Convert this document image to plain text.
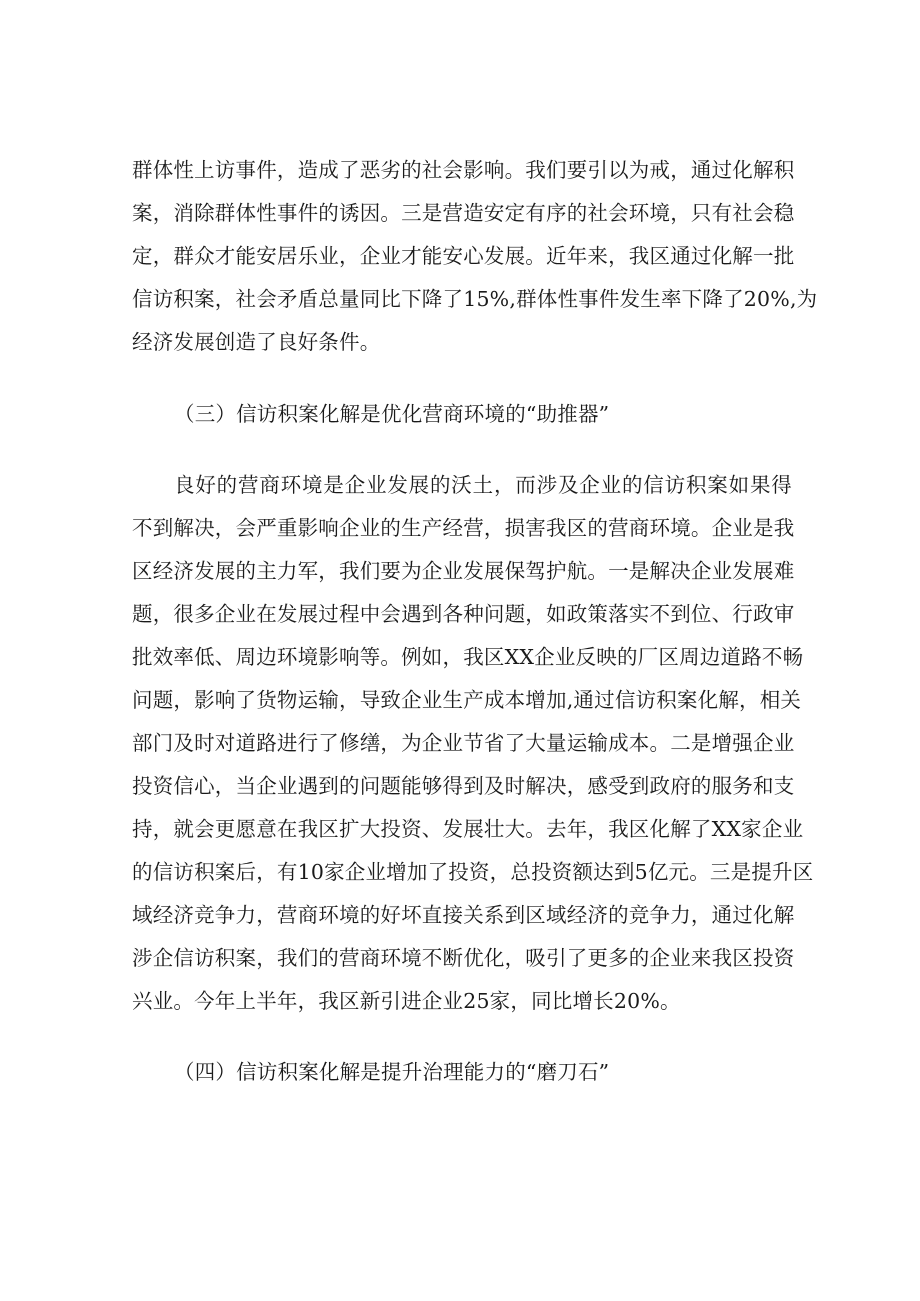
群体性上访事件，造成了恶劣的社会影响。我们要引以为戒，通过化解积
案，消除群体性事件的诱因。三是营造安定有序的社会环境，只有社会稳
定，群众才能安居乐业，企业才能安心发展。近年来，我区通过化解一批
信访积案，社会矛盾总量同比下降了15%,群体性事件发生率下降了20%,为
经济发展创造了良好条件。
（三）信访积案化解是优化营商环境的“助推器”
良好的营商环境是企业发展的沃土，而涉及企业的信访积案如果得
不到解决，会严重影响企业的生产经营，损害我区的营商环境。企业是我
区经济发展的主力军，我们要为企业发展保驾护航。一是解决企业发展难
题，很多企业在发展过程中会遇到各种问题，如政策落实不到位、行政审
批效率低、周边环境影响等。例如，我区XX企业反映的厂区周边道路不畅
问题，影响了货物运输，导致企业生产成本增加,通过信访积案化解，相关
部门及时对道路进行了修缮，为企业节省了大量运输成本。二是增强企业
投资信心，当企业遇到的问题能够得到及时解决，感受到政府的服务和支
持，就会更愿意在我区扩大投资、发展壮大。去年，我区化解了XX家企业
的信访积案后，有10家企业增加了投资，总投资额达到5亿元。三是提升区
域经济竞争力，营商环境的好坏直接关系到区域经济的竞争力，通过化解
涉企信访积案，我们的营商环境不断优化，吸引了更多的企业来我区投资
兴业。今年上半年，我区新引进企业25家，同比增长20%。
（四）信访积案化解是提升治理能力的“磨刀石”
